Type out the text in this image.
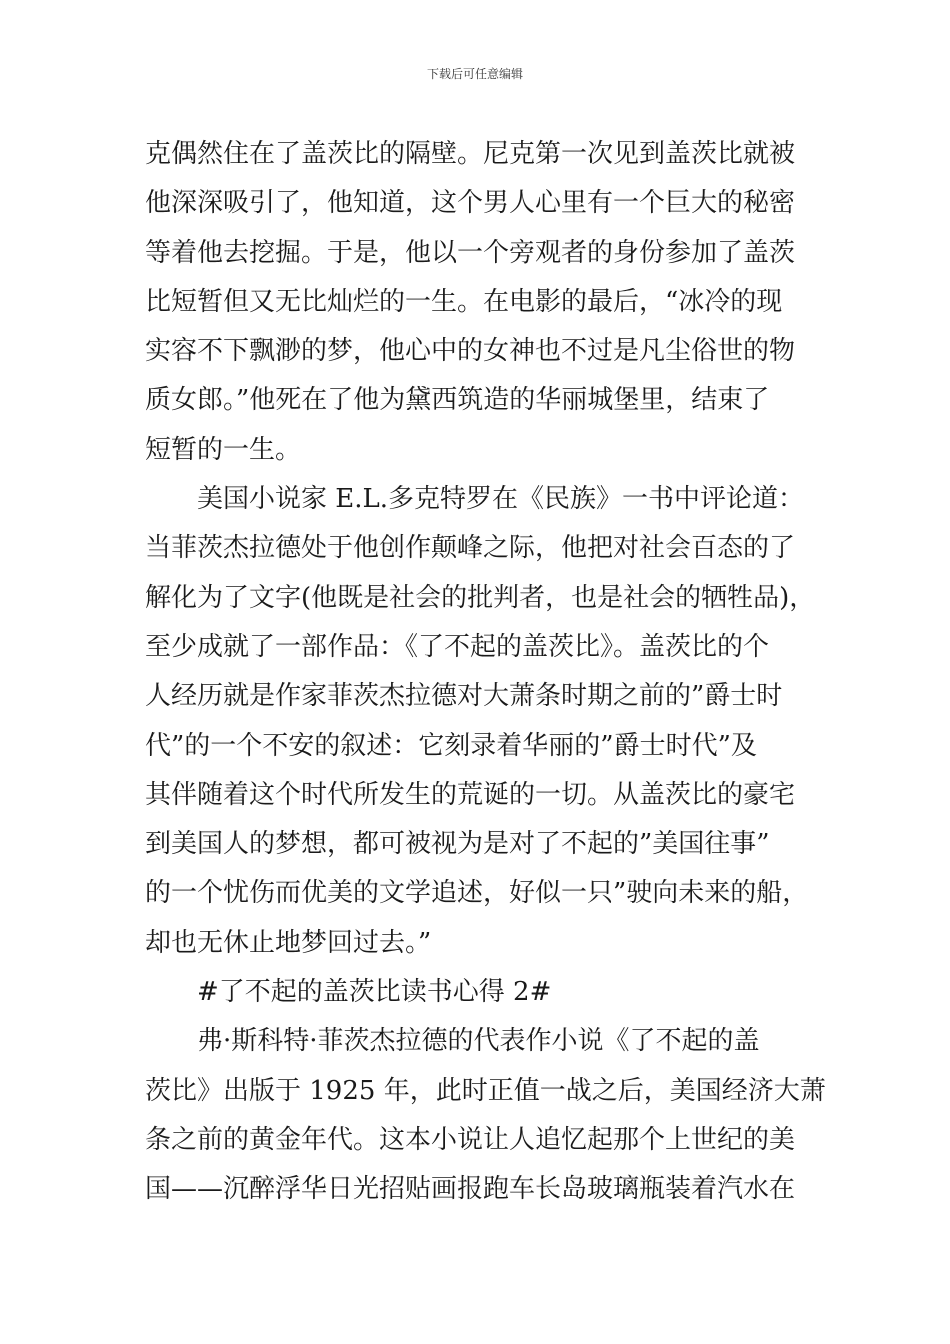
下载后可任意编辑
克偶然住在了盖茨比的隔壁。尼克第一次见到盖茨比就被
他深深吸引了，他知道，这个男人心里有一个巨大的秘密
等着他去挖掘。于是，他以一个旁观者的身份参加了盖茨
比短暂但又无比灿烂的一生。在电影的最后，“冰冷的现
实容不下飘渺的梦，他心中的女神也不过是凡尘俗世的物
质女郎。”他死在了他为黛西筑造的华丽城堡里，结束了
短暂的一生。
美国小说家 E.L.多克特罗在《民族》一书中评论道：
当菲茨杰拉德处于他创作颠峰之际，他把对社会百态的了
解化为了文字(他既是社会的批判者，也是社会的牺牲品)，
至少成就了一部作品：《了不起的盖茨比》。盖茨比的个
人经历就是作家菲茨杰拉德对大萧条时期之前的”爵士时
代”的一个不安的叙述：它刻录着华丽的”爵士时代”及
其伴随着这个时代所发生的荒诞的一切。从盖茨比的豪宅
到美国人的梦想，都可被视为是对了不起的”美国往事”
的一个忧伤而优美的文学追述，好似一只”驶向未来的船，
却也无休止地梦回过去。”
#了不起的盖茨比读书心得 2#
弗·斯科特·菲茨杰拉德的代表作小说《了不起的盖
茨比》出版于 1925 年，此时正值一战之后，美国经济大萧
条之前的黄金年代。这本小说让人追忆起那个上世纪的美
国——沉醉浮华日光招贴画报跑车长岛玻璃瓶装着汽水在
